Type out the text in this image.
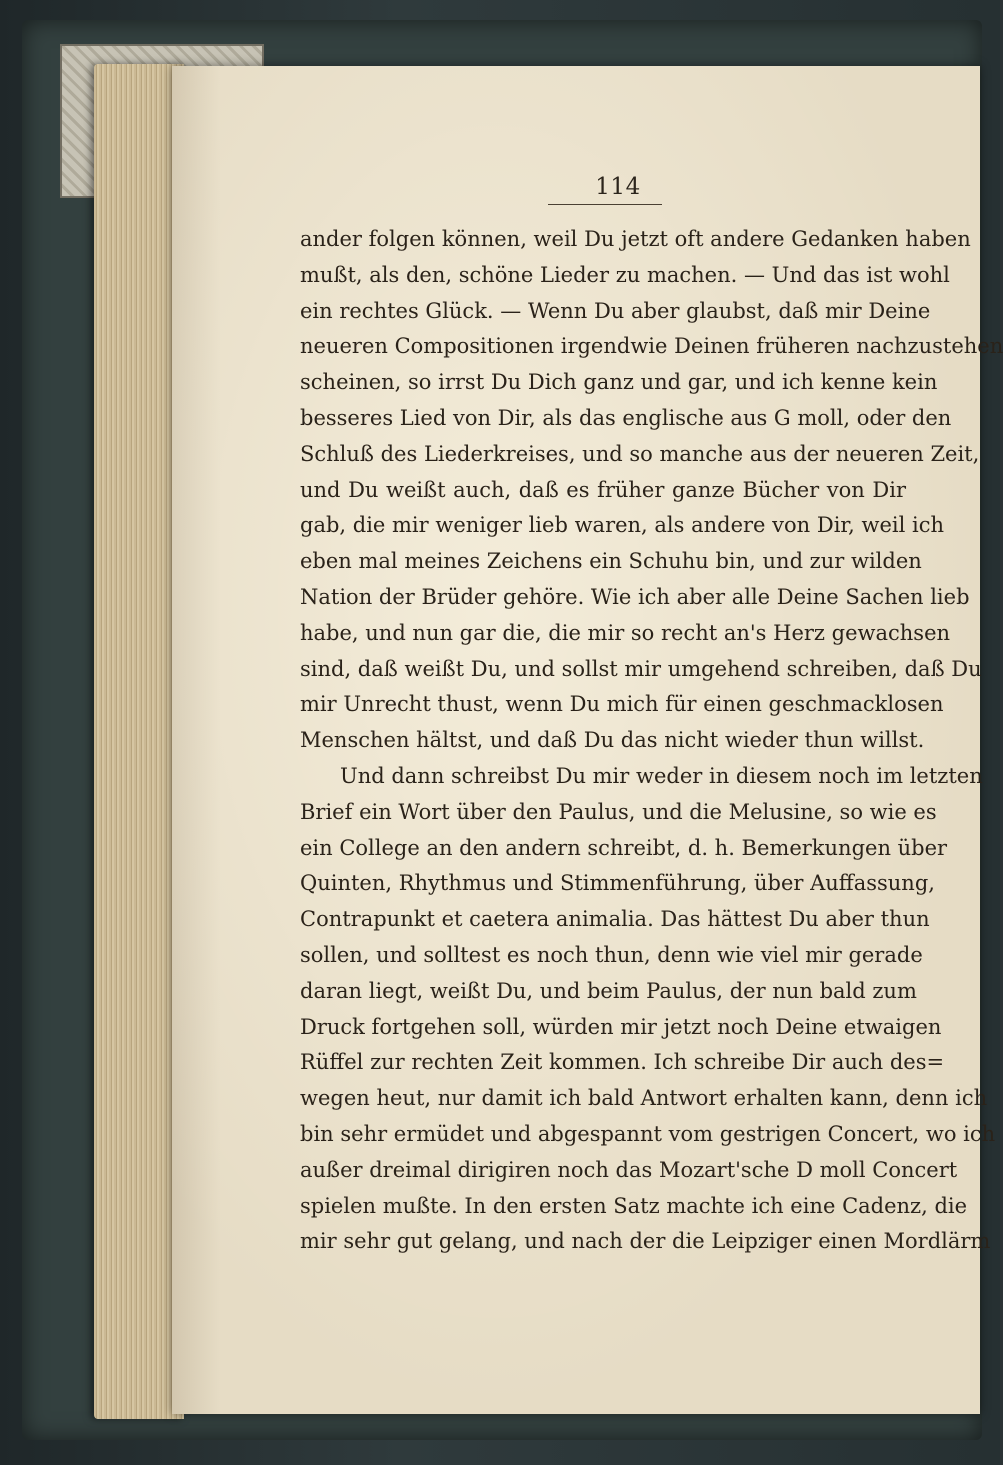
114
ander folgen können, weil Du jetzt oft andere Gedanken haben
mußt, als den, schöne Lieder zu machen. — Und das ist wohl
ein rechtes Glück. — Wenn Du aber glaubst, daß mir Deine
neueren Compositionen irgendwie Deinen früheren nachzustehen
scheinen, so irrst Du Dich ganz und gar, und ich kenne kein
besseres Lied von Dir, als das englische aus G moll, oder den
Schluß des Liederkreises, und so manche aus der neueren Zeit,
und Du weißt auch, daß es früher ganze Bücher von Dir
gab, die mir weniger lieb waren, als andere von Dir, weil ich
eben mal meines Zeichens ein Schuhu bin, und zur wilden
Nation der Brüder gehöre. Wie ich aber alle Deine Sachen lieb
habe, und nun gar die, die mir so recht an's Herz gewachsen
sind, daß weißt Du, und sollst mir umgehend schreiben, daß Du
mir Unrecht thust, wenn Du mich für einen geschmacklosen
Menschen hältst, und daß Du das nicht wieder thun willst.
Und dann schreibst Du mir weder in diesem noch im letzten
Brief ein Wort über den Paulus, und die Melusine, so wie es
ein College an den andern schreibt, d. h. Bemerkungen über
Quinten, Rhythmus und Stimmenführung, über Auffassung,
Contrapunkt et caetera animalia. Das hättest Du aber thun
sollen, und solltest es noch thun, denn wie viel mir gerade
daran liegt, weißt Du, und beim Paulus, der nun bald zum
Druck fortgehen soll, würden mir jetzt noch Deine etwaigen
Rüffel zur rechten Zeit kommen. Ich schreibe Dir auch des=
wegen heut, nur damit ich bald Antwort erhalten kann, denn ich
bin sehr ermüdet und abgespannt vom gestrigen Concert, wo ich
außer dreimal dirigiren noch das Mozart'sche D moll Concert
spielen mußte. In den ersten Satz machte ich eine Cadenz, die
mir sehr gut gelang, und nach der die Leipziger einen Mordlärm
